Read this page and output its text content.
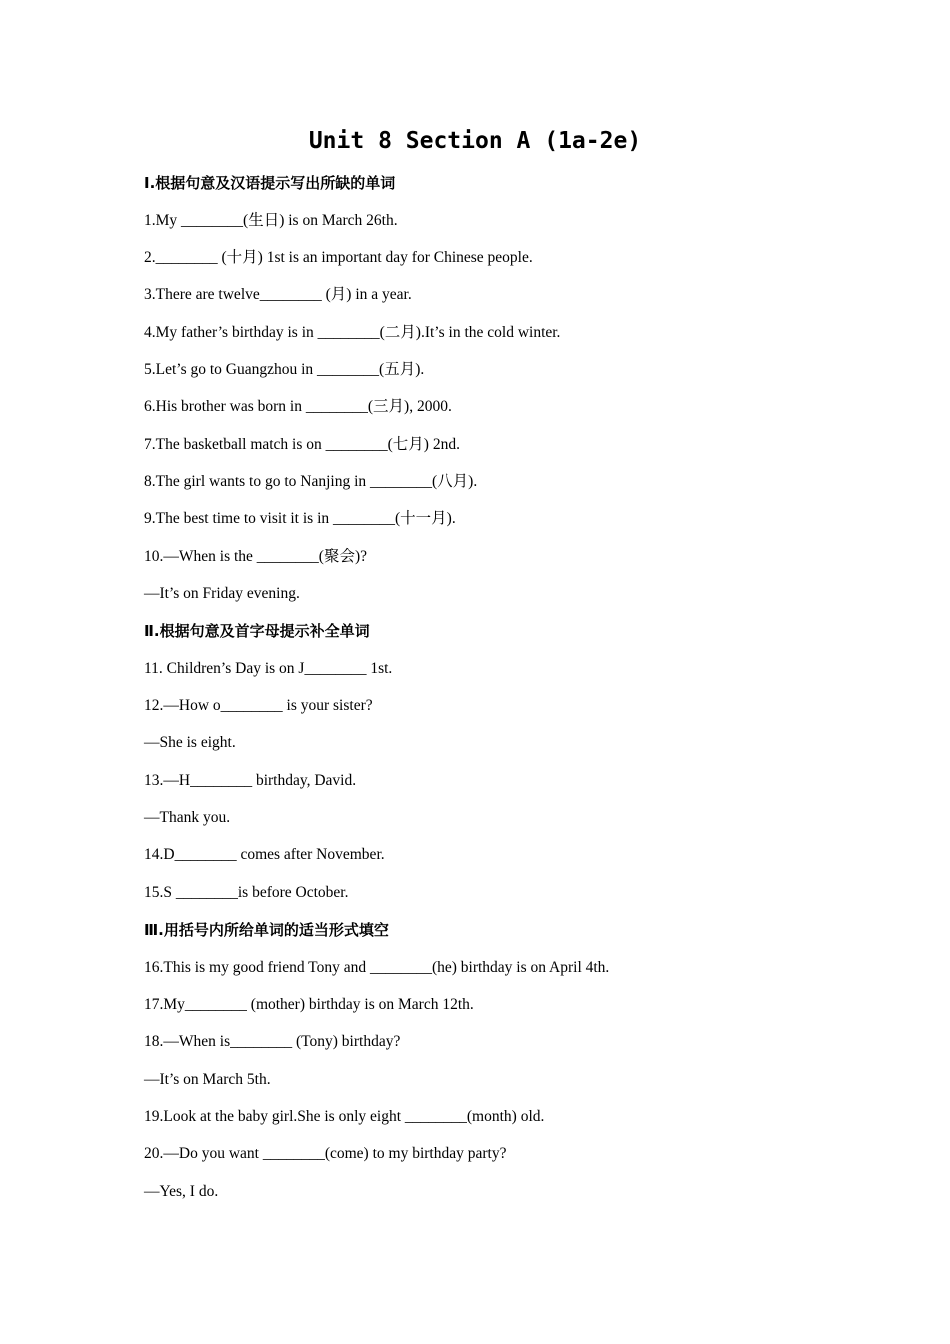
Unit 8 Section A (1a-2e)
Ⅰ.根据句意及汉语提示写出所缺的单词
1.My ________(生日) is on March 26th.
2.________ (十月) 1st is an important day for Chinese people.
3.There are twelve________ (月) in a year.
4.My father’s birthday is in ________(二月).It’s in the cold winter.
5.Let’s go to Guangzhou in ________(五月).
6.His brother was born in ________(三月), 2000.
7.The basketball match is on ________(七月) 2nd.
8.The girl wants to go to Nanjing in ________(八月).
9.The best time to visit it is in ________(十一月).
10.—When is the ________(聚会)?
—It’s on Friday evening.
Ⅱ.根据句意及首字母提示补全单词
11. Children’s Day is on J________ 1st.
12.—How o________ is your sister?
—She is eight.
13.—H________ birthday, David.
—Thank you.
14.D________ comes after November.
15.S ________is before October.
Ⅲ.用括号内所给单词的适当形式填空
16.This is my good friend Tony and ________(he) birthday is on April 4th.
17.My________ (mother) birthday is on March 12th.
18.—When is________ (Tony) birthday?
—It’s on March 5th.
19.Look at the baby girl.She is only eight ________(month) old.
20.—Do you want ________(come) to my birthday party?
—Yes, I do.
